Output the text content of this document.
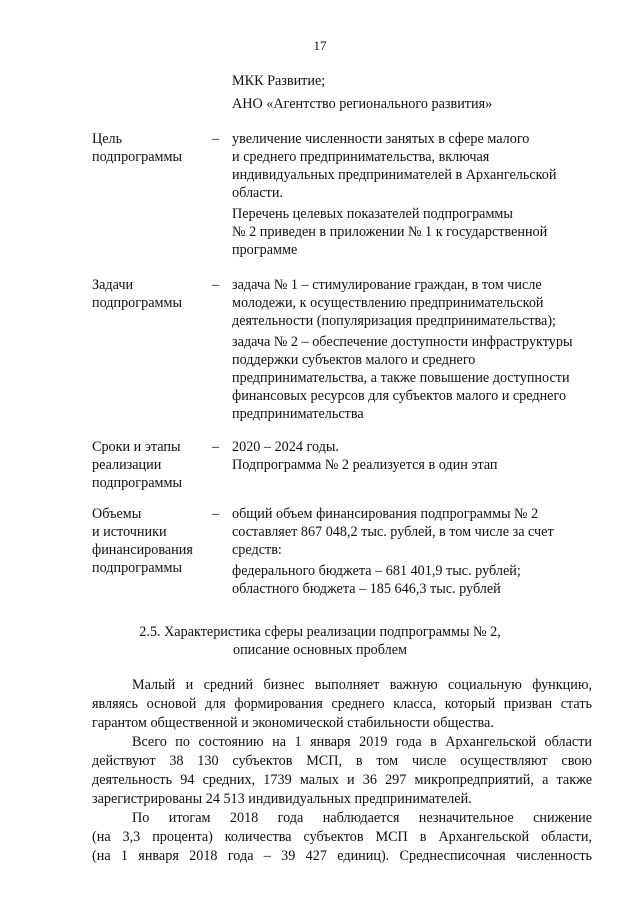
17
МКК Развитие;
АНО «Агентство регионального развития»
Цель
подпрограммы
– увеличение численности занятых в сфере малого
и среднего предпринимательства, включая
индивидуальных предпринимателей в Архангельской
области.
Перечень целевых показателей подпрограммы
№ 2 приведен в приложении № 1 к государственной
программе
Задачи
подпрограммы
– задача № 1 – стимулирование граждан, в том числе
молодежи, к осуществлению предпринимательской
деятельности (популяризация предпринимательства);
задача № 2 – обеспечение доступности инфраструктуры
поддержки субъектов малого и среднего
предпринимательства, а также повышение доступности
финансовых ресурсов для субъектов малого и среднего
предпринимательства
Сроки и этапы
реализации
подпрограммы
– 2020 – 2024 годы.
Подпрограмма № 2 реализуется в один этап
Объемы
и источники
финансирования
подпрограммы
– общий объем финансирования подпрограммы № 2
составляет 867 048,2 тыс. рублей, в том числе за счет
средств:
федерального бюджета – 681 401,9 тыс. рублей;
областного бюджета – 185 646,3 тыс. рублей
2.5. Характеристика сферы реализации подпрограммы № 2,
описание основных проблем
Малый и средний бизнес выполняет важную социальную функцию,
являясь основой для формирования среднего класса, который призван стать
гарантом общественной и экономической стабильности общества.
Всего по состоянию на 1 января 2019 года в Архангельской области
действуют 38 130 субъектов МСП, в том числе осуществляют свою
деятельность 94 средних, 1739 малых и 36 297 микропредприятий, а также
зарегистрированы 24 513 индивидуальных предпринимателей.
По итогам 2018 года наблюдается незначительное снижение
(на 3,3 процента) количества субъектов МСП в Архангельской области,
(на 1 января 2018 года – 39 427 единиц). Среднесписочная численность
